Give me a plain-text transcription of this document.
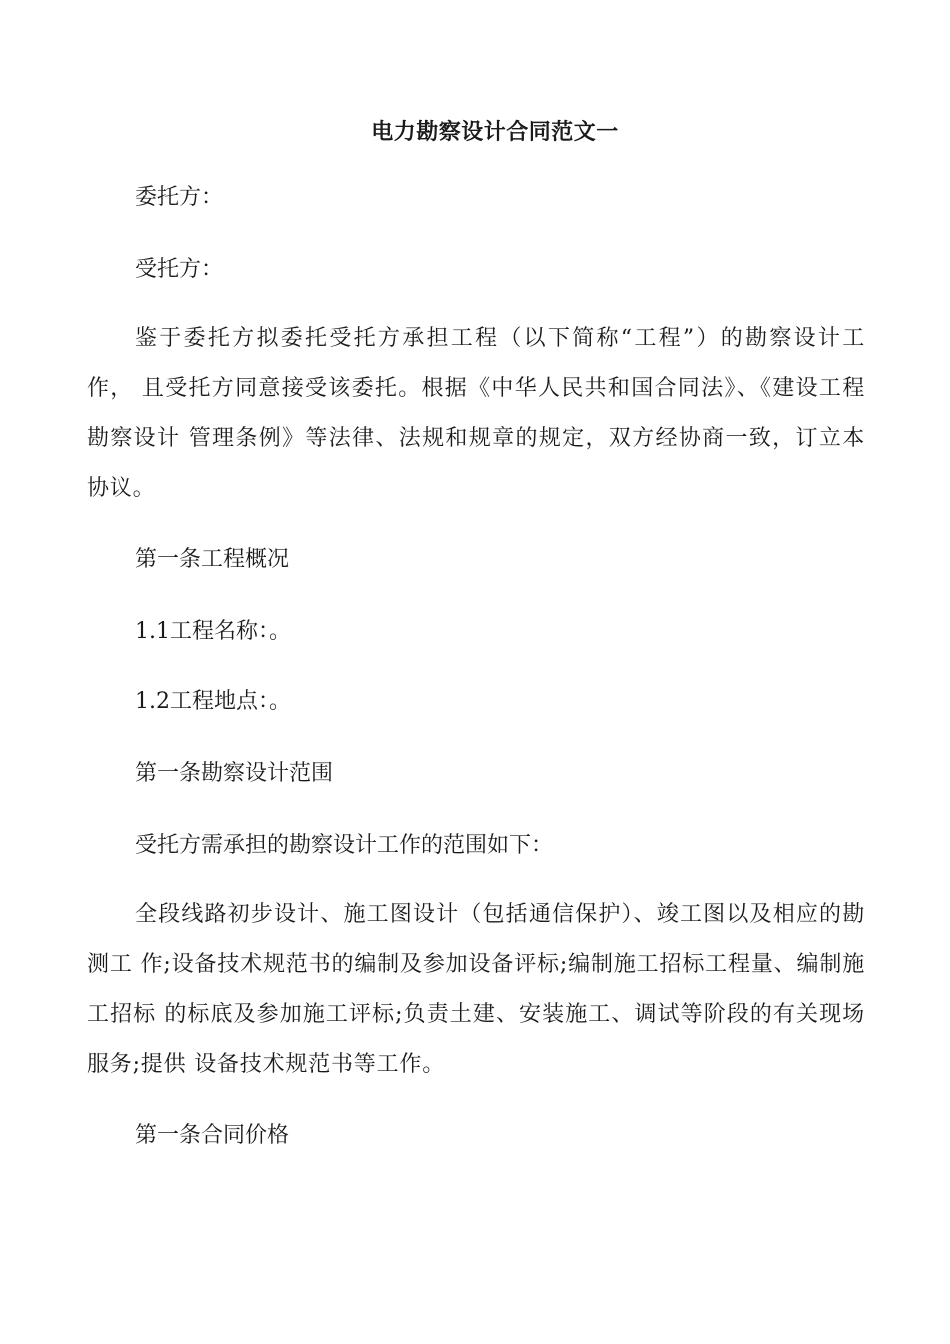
电力勘察设计合同范文一
委托方：
受托方：

鉴于委托方拟委托受托方承担工程（以下简称“工程”）的勘察设计工作， 且受托方同意接受该委托。根据《中华人民共和国合同法》、《建设工程勘察设计 管理条例》等法律、法规和规章的规定，双方经协商一致，订立本协议。

第一条工程概况
1.1工程名称：。
1.2工程地点：。
第一条勘察设计范围
受托方需承担的勘察设计工作的范围如下：

全段线路初步设计、施工图设计（包括通信保护）、竣工图以及相应的勘测工 作;设备技术规范书的编制及参加设备评标;编制施工招标工程量、编制施工招标 的标底及参加施工评标;负责土建、安装施工、调试等阶段的有关现场服务;提供 设备技术规范书等工作。

第一条合同价格
